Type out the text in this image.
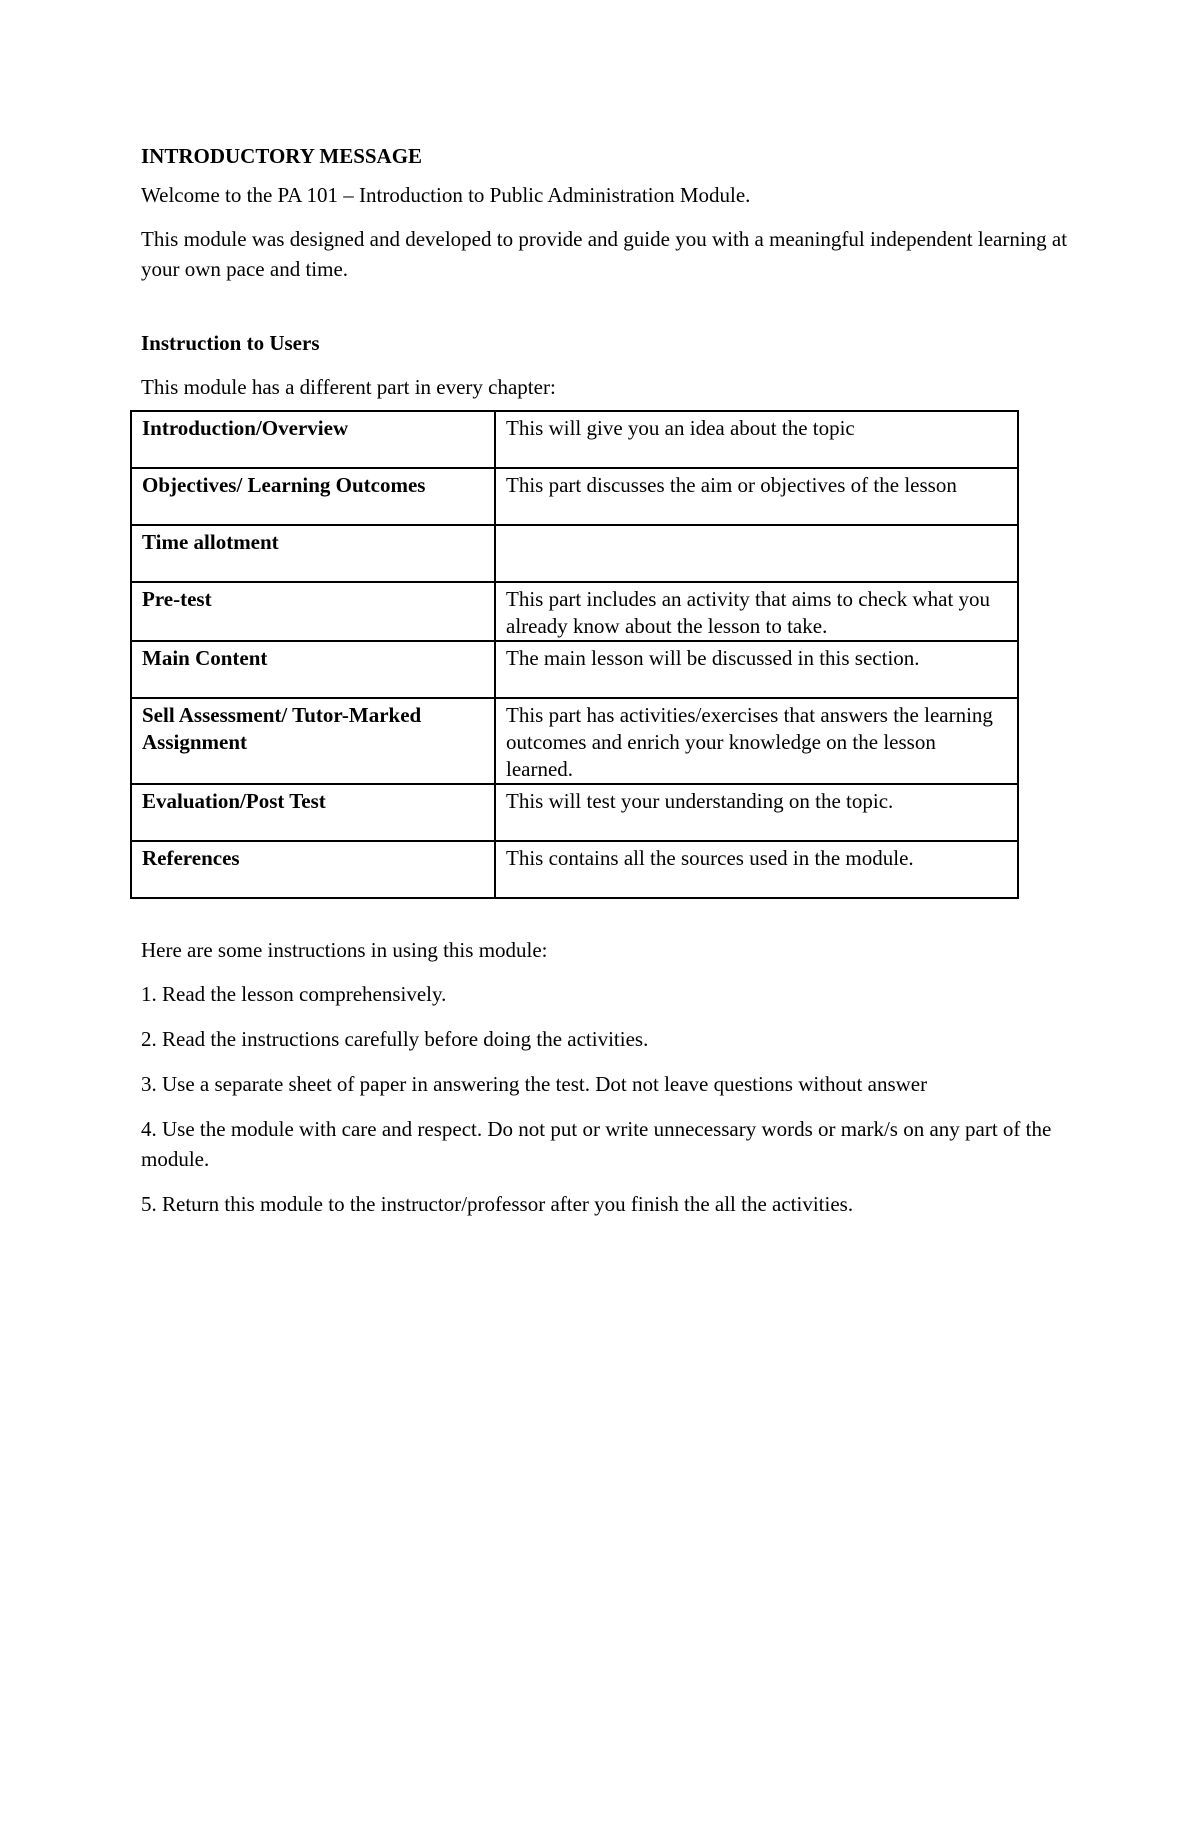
INTRODUCTORY MESSAGE

Welcome to the PA 101 – Introduction to Public Administration Module.

This module was designed and developed to provide and guide you with a meaningful independent learning at your own pace and time.

Instruction to Users

This module has a different part in every chapter:

Introduction/Overview	This will give you an idea about the topic
Objectives/ Learning Outcomes	This part discusses the aim or objectives of the lesson
Time allotment	
Pre-test	This part includes an activity that aims to check what you already know about the lesson to take.
Main Content	The main lesson will be discussed in this section.
Sell Assessment/ Tutor-Marked Assignment	This part has activities/exercises that answers the learning outcomes and enrich your knowledge on the lesson learned.
Evaluation/Post Test	This will test your understanding on the topic.
References	This contains all the sources used in the module.

Here are some instructions in using this module:

1. Read the lesson comprehensively.
2. Read the instructions carefully before doing the activities.
3. Use a separate sheet of paper in answering the test. Dot not leave questions without answer
4. Use the module with care and respect. Do not put or write unnecessary words or mark/s on any part of the module.
5. Return this module to the instructor/professor after you finish the all the activities.
